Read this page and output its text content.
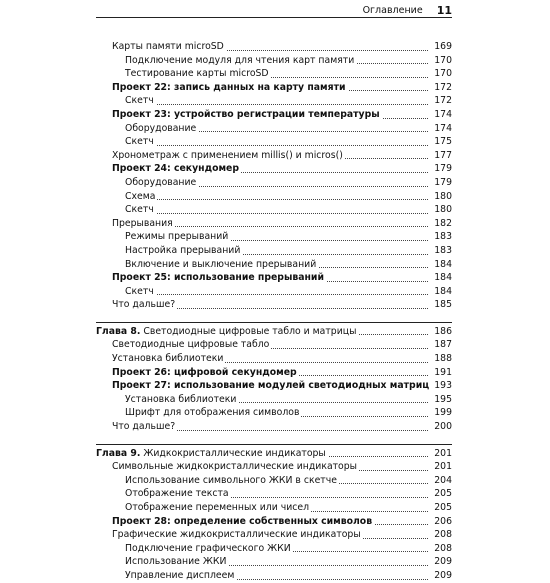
Оглавление 11
Карты памяти microSD	169
Подключение модуля для чтения карт памяти	170
Тестирование карты microSD	170
Проект 22: запись данных на карту памяти	172
Скетч	172
Проект 23: устройство регистрации температуры	174
Оборудование	174
Скетч	175
Хронометраж с применением millis() и micros()	177
Проект 24: секундомер	179
Оборудование	179
Схема	180
Скетч	180
Прерывания	182
Режимы прерываний	183
Настройка прерываний	183
Включение и выключение прерываний	184
Проект 25: использование прерываний	184
Скетч	184
Что дальше?	185
Глава 8. Светодиодные цифровые табло и матрицы	186
Светодиодные цифровые табло	187
Установка библиотеки	188
Проект 26: цифровой секундомер	191
Проект 27: использование модулей светодиодных матриц 193
Установка библиотеки	195
Шрифт для отображения символов	199
Что дальше?	200
Глава 9. Жидкокристаллические индикаторы	201
Символьные жидкокристаллические индикаторы	201
Использование символьного ЖКИ в скетче	204
Отображение текста	205
Отображение переменных или чисел	205
Проект 28: определение собственных символов	206
Графические жидкокристаллические индикаторы	208
Подключение графического ЖКИ	208
Использование ЖКИ	209
Управление дисплеем	209
